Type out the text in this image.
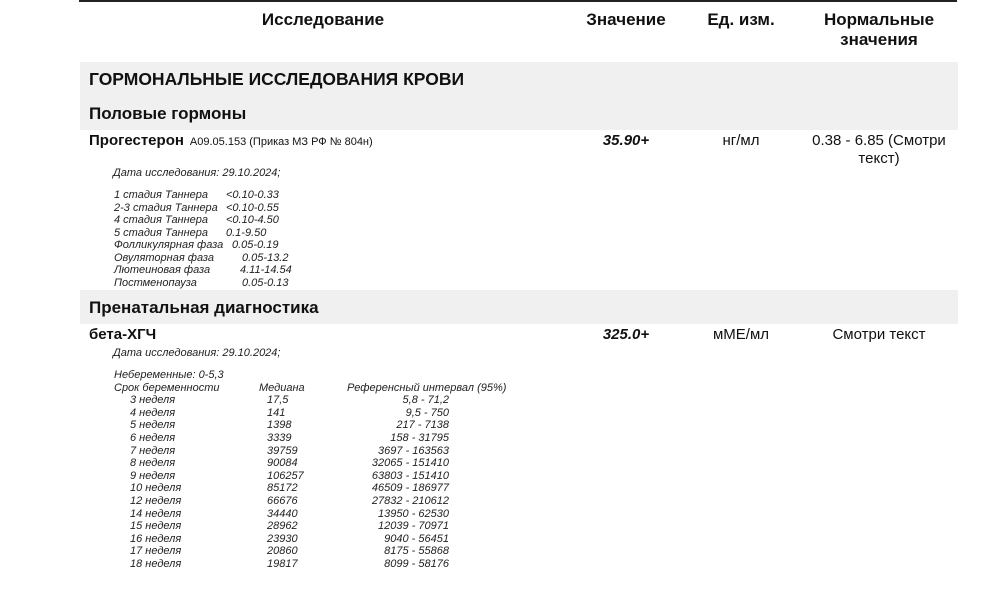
Исследование	Значение	Ед. изм.	Нормальные
значения
ГОРМОНАЛЬНЫЕ ИССЛЕДОВАНИЯ КРОВИ
Половые гормоны
Прогестерон A09.05.153 (Приказ МЗ РФ № 804н)	35.90+	нг/мл	0.38 - 6.85 (Смотри
текст)
Дата исследования: 29.10.2024;
1 стадия Таннера	<0.10-0.33
2-3 стадия Таннера <0.10-0.55
4 стадия Таннера	<0.10-4.50
5 стадия Таннера	0.1-9.50
Фолликулярная фаза 0.05-0.19
Овуляторная фаза	0.05-13.2
Лютеиновая фаза	4.11-14.54
Постменопауза	0.05-0.13
Пренатальная диагностика
бета-ХГЧ	325.0+	мМЕ/мл	Смотри текст
Дата исследования: 29.10.2024;
Небеременные: 0-5,3
Срок беременности	Медиана	Референсный интервал (95%)
3 неделя	17,5	5,8 - 71,2
4 неделя	141	9,5 - 750
5 неделя	1398	217 - 7138
6 неделя	3339	158 - 31795
7 неделя	39759	3697 - 163563
8 неделя	90084	32065 - 151410
9 неделя	106257	63803 - 151410
10 неделя	85172	46509 - 186977
12 неделя	66676	27832 - 210612
14 неделя	34440	13950 - 62530
15 неделя	28962	12039 - 70971
16 неделя	23930	9040 - 56451
17 неделя	20860	8175 - 55868
18 неделя	19817	8099 - 58176
